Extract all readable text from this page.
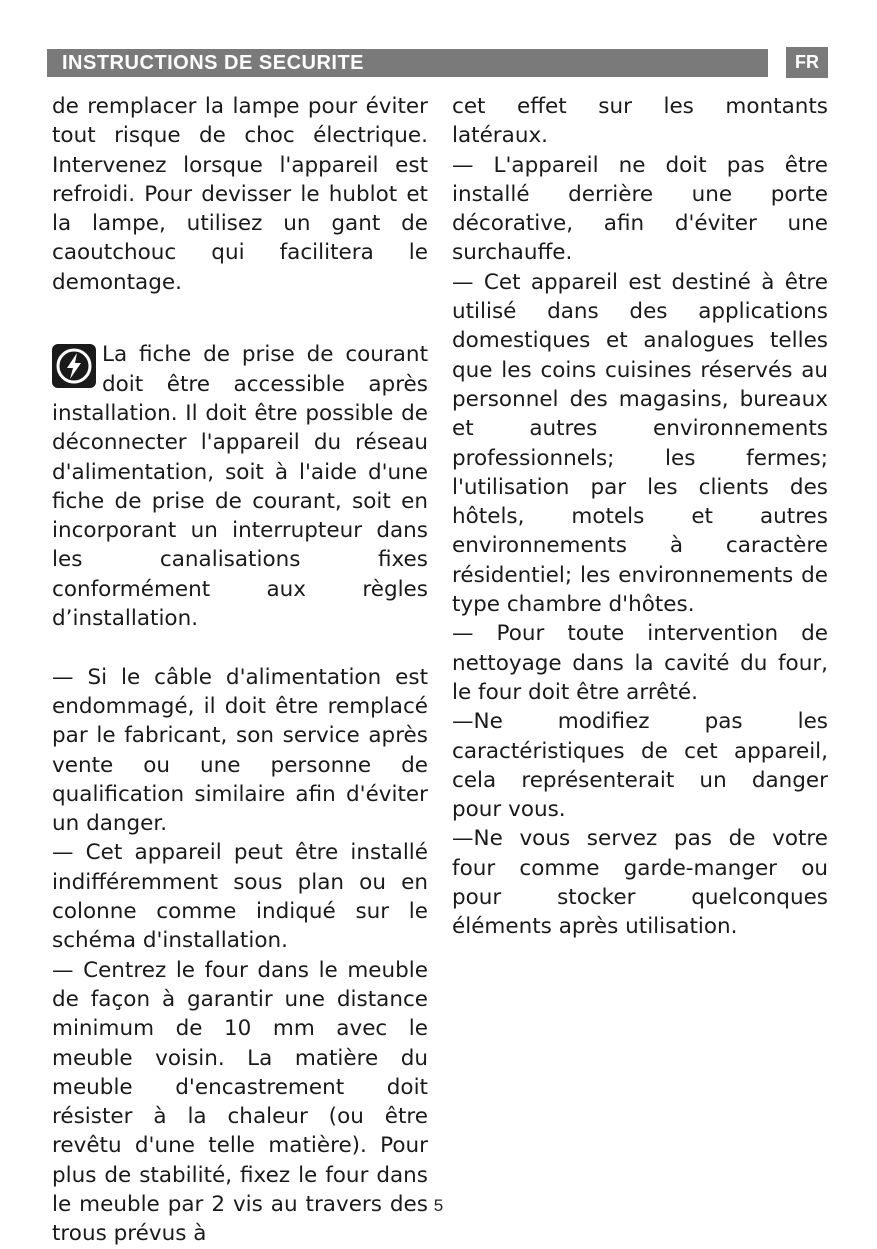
INSTRUCTIONS DE SECURITE	FR

de remplacer la lampe pour éviter tout risque de choc électrique. Intervenez lorsque l'appareil est refroidi. Pour devisser le hublot et la lampe, utilisez un gant de caoutchouc qui facilitera le demontage.

La fiche de prise de courant doit être accessible après installation. Il doit être possible de déconnecter l'appareil du réseau d'alimentation, soit à l'aide d'une fiche de prise de courant, soit en incorporant un interrupteur dans les canalisations fixes conformément aux règles d’installation.

— Si le câble d'alimentation est endommagé, il doit être remplacé par le fabricant, son service après vente ou une personne de qualification similaire afin d'éviter un danger.

— Cet appareil peut être installé indifféremment sous plan ou en colonne comme indiqué sur le schéma d'installation.

— Centrez le four dans le meuble de façon à garantir une distance minimum de 10 mm avec le meuble voisin. La matière du meuble d'encastrement doit résister à la chaleur (ou être revêtu d'une telle matière). Pour plus de stabilité, fixez le four dans le meuble par 2 vis au travers des trous prévus à

cet effet sur les montants latéraux.

— L'appareil ne doit pas être installé derrière une porte décorative, afin d'éviter une surchauffe.

— Cet appareil est destiné à être utilisé dans des applications domestiques et analogues telles que les coins cuisines réservés au personnel des magasins, bureaux et autres environnements professionnels; les fermes; l'utilisation par les clients des hôtels, motels et autres environnements à caractère résidentiel; les environnements de type chambre d'hôtes.

— Pour toute intervention de nettoyage dans la cavité du four, le four doit être arrêté.

—Ne modifiez pas les caractéristiques de cet appareil, cela représenterait un danger pour vous.

—Ne vous servez pas de votre four comme garde-manger ou pour stocker quelconques éléments après utilisation.

5
